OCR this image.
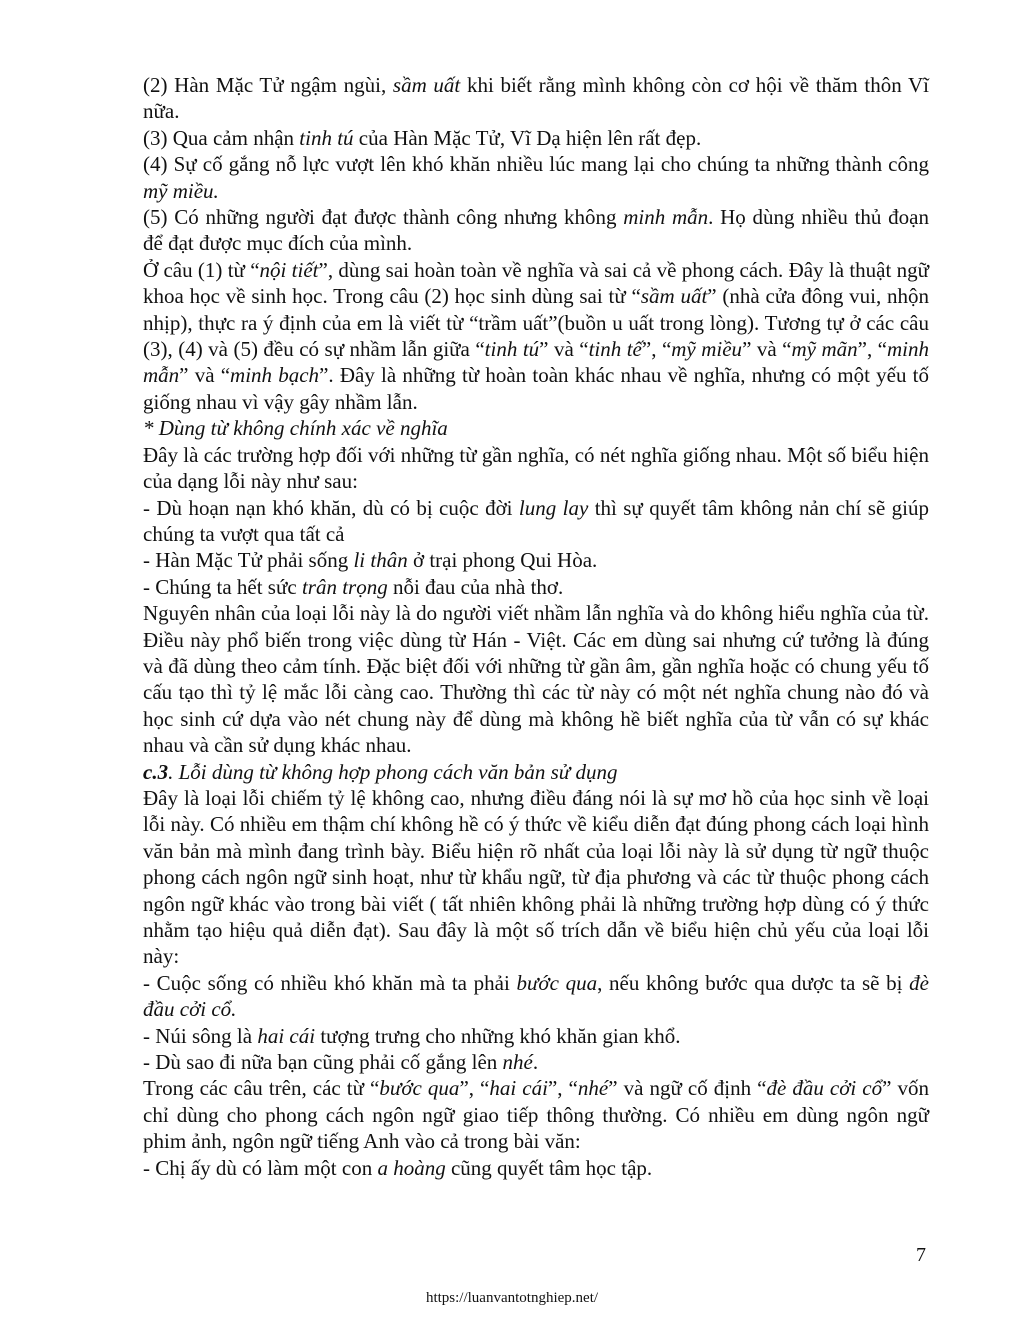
(2) Hàn Mặc Tử ngậm ngùi, sầm uất khi biết rằng mình không còn cơ hội về thăm thôn Vĩ nữa.

(3) Qua cảm nhận tinh tú của Hàn Mặc Tử, Vĩ Dạ hiện lên rất đẹp.

(4) Sự cố gắng nỗ lực vượt lên khó khăn nhiều lúc mang lại cho chúng ta những thành công mỹ miều.

(5) Có những người đạt được thành công nhưng không minh mẫn. Họ dùng nhiều thủ đoạn để đạt được mục đích của mình.

Ở câu (1) từ “nội tiết”, dùng sai hoàn toàn về nghĩa và sai cả về phong cách. Đây là thuật ngữ khoa học về sinh học. Trong câu (2) học sinh dùng sai từ “sầm uất” (nhà cửa đông vui, nhộn nhịp), thực ra ý định của em là viết từ “trầm uất”(buồn u uất trong lòng). Tương tự ở các câu (3), (4) và (5) đều có sự nhầm lẫn giữa “tinh tú” và “tinh tế”, “mỹ miều” và “mỹ mãn”, “minh mẫn” và “minh bạch”. Đây là những từ hoàn toàn khác nhau về nghĩa, nhưng có một yếu tố giống nhau vì vậy gây nhầm lẫn.

* Dùng từ không chính xác về nghĩa

Đây là các trường hợp đối với những từ gần nghĩa, có nét nghĩa giống nhau. Một số biểu hiện của dạng lỗi này như sau:

- Dù hoạn nạn khó khăn, dù có bị cuộc đời lung lay thì sự quyết tâm không nản chí sẽ giúp chúng ta vượt qua tất cả

- Hàn Mặc Tử phải sống li thân ở trại phong Qui Hòa.

- Chúng ta hết sức trân trọng nỗi đau của nhà thơ.

Nguyên nhân của loại lỗi này là do người viết nhầm lẫn nghĩa và do không hiểu nghĩa của từ. Điều này phổ biến trong việc dùng từ Hán - Việt. Các em dùng sai nhưng cứ tưởng là đúng và đã dùng theo cảm tính. Đặc biệt đối với những từ gần âm, gần nghĩa hoặc có chung yếu tố cấu tạo thì tỷ lệ mắc lỗi càng cao. Thường thì các từ này có một nét nghĩa chung nào đó và học sinh cứ dựa vào nét chung này để dùng mà không hề biết nghĩa của từ vẫn có sự khác nhau và cần sử dụng khác nhau.

c.3. Lỗi dùng từ không hợp phong cách văn bản sử dụng

Đây là loại lỗi chiếm tỷ lệ không cao, nhưng điều đáng nói là sự mơ hồ của học sinh về loại lỗi này. Có nhiều em thậm chí không hề có ý thức về kiểu diễn đạt đúng phong cách loại hình văn bản mà mình đang trình bày. Biểu hiện rõ nhất của loại lỗi này là sử dụng từ ngữ thuộc phong cách ngôn ngữ sinh hoạt, như từ khẩu ngữ, từ địa phương và các từ thuộc phong cách ngôn ngữ khác vào trong bài viết ( tất nhiên không phải là những trường hợp dùng có ý thức nhằm tạo hiệu quả diễn đạt). Sau đây là một số trích dẫn về biểu hiện chủ yếu của loại lỗi này:

- Cuộc sống có nhiều khó khăn mà ta phải bước qua, nếu không bước qua dược ta sẽ bị đè đầu cởi cổ.

- Núi sông là hai cái tượng trưng cho những khó khăn gian khổ.

- Dù sao đi nữa bạn cũng phải cố gắng lên nhé.

Trong các câu trên, các từ “bước qua”, “hai cái”, “nhé” và ngữ cố định “đè đầu cởi cổ” vốn chỉ dùng cho phong cách ngôn ngữ giao tiếp thông thường. Có nhiều em dùng ngôn ngữ phim ảnh, ngôn ngữ tiếng Anh vào cả trong bài văn:

- Chị ấy dù có làm một con a hoàng cũng quyết tâm học tập.

7
https://luanvantotnghiep.net/
